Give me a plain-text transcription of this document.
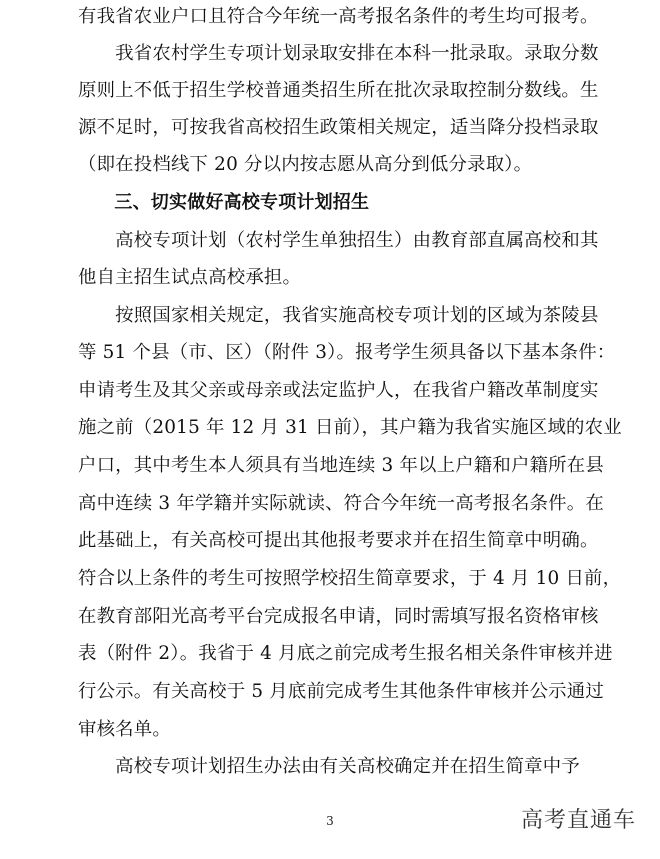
有我省农业户口且符合今年统一高考报名条件的考生均可报考。
　　我省农村学生专项计划录取安排在本科一批录取。录取分数
原则上不低于招生学校普通类招生所在批次录取控制分数线。生
源不足时，可按我省高校招生政策相关规定，适当降分投档录取
（即在投档线下 20 分以内按志愿从高分到低分录取）。
　　三、切实做好高校专项计划招生
　　高校专项计划（农村学生单独招生）由教育部直属高校和其
他自主招生试点高校承担。
　　按照国家相关规定，我省实施高校专项计划的区域为茶陵县
等 51 个县（市、区）（附件 3）。报考学生须具备以下基本条件：
申请考生及其父亲或母亲或法定监护人，在我省户籍改革制度实
施之前（2015 年 12 月 31 日前），其户籍为我省实施区域的农业
户口，其中考生本人须具有当地连续 3 年以上户籍和户籍所在县
高中连续 3 年学籍并实际就读、符合今年统一高考报名条件。在
此基础上，有关高校可提出其他报考要求并在招生简章中明确。
符合以上条件的考生可按照学校招生简章要求，于 4 月 10 日前，
在教育部阳光高考平台完成报名申请，同时需填写报名资格审核
表（附件 2）。我省于 4 月底之前完成考生报名相关条件审核并进
行公示。有关高校于 5 月底前完成考生其他条件审核并公示通过
审核名单。
　　高校专项计划招生办法由有关高校确定并在招生简章中予
3	高考直通车
